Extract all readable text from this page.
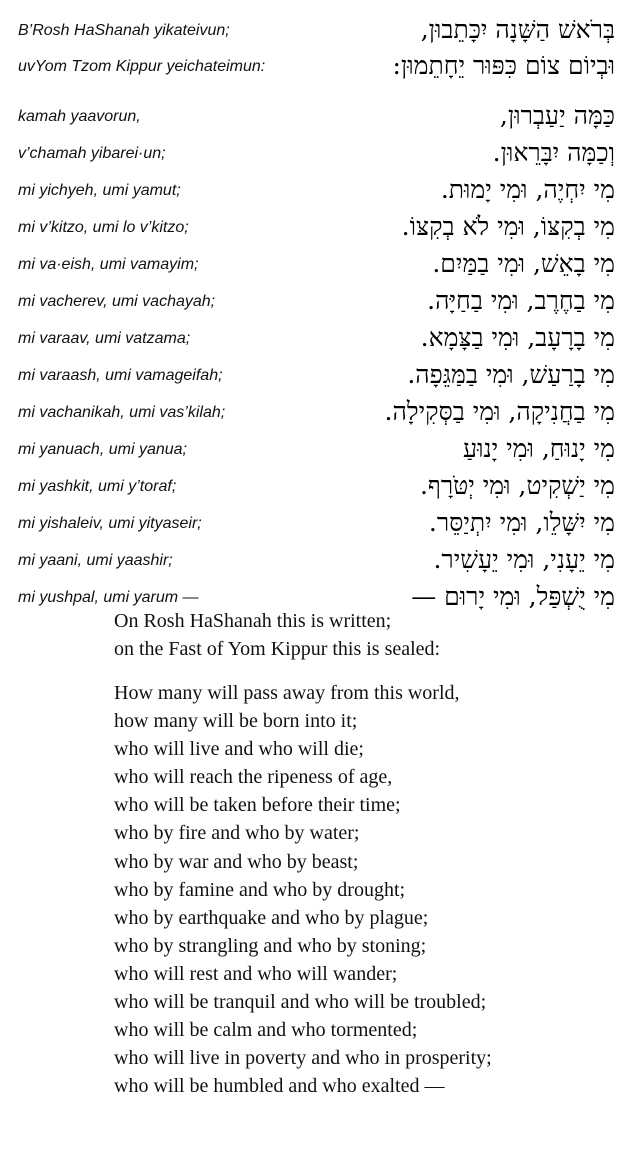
B’Rosh HaShanah yikateivun;	בְּרֹאשׁ הַשָּׁנָה יִכָּתֵבוּן,
uvYom Tzom Kippur yeichateimun:	וּבְיוֹם צוֹם כִּפּוּר יֵחָתֵמוּן:
kamah yaavorun,	כַּמָּה יַעַבְרוּן,
v’chamah yibarei·un;	וְכַמָּה יִבָּרֵאוּן.
mi yichyeh, umi yamut;	מִי יִחְיֶה, וּמִי יָמוּת.
mi v’kitzo, umi lo v’kitzo;	מִי בְקִצּוֹ, וּמִי לֹא בְקִצּוֹ.
mi va·eish, umi vamayim;	מִי בָאֵשׁ, וּמִי בַמַּיִם.
mi vacherev, umi vachayah;	מִי בַחֶרֶב, וּמִי בַחַיָּה.
mi varaav, umi vatzama;	מִי בָרָעָב, וּמִי בַצָּמָא.
mi varaash, umi vamageifah;	מִי בָרַעַשׁ, וּמִי בַמַּגֵּפָה.
mi vachanikah, umi vas’kilah;	מִי בַחֲנִיקָה, וּמִי בַסְּקִילָה.
mi yanuach, umi yanua;	מִי יָנוּחַ, וּמִי יָנוּעַ
mi yashkit, umi y’toraf;	מִי יַשְׁקִיט, וּמִי יְטֹּרָף.
mi yishaleiv, umi yityaseir;	מִי יִשָּׁלֵו, וּמִי יִתְיַסֵּר.
mi yaani, umi yaashir;	מִי יֵעָנִי, וּמִי יֵעָשִׁיר.
mi yushpal, umi yarum —	מִי יֻשְׁפַּל, וּמִי יָרוּם —
On Rosh HaShanah this is written;
on the Fast of Yom Kippur this is sealed:
How many will pass away from this world,
how many will be born into it;
who will live and who will die;
who will reach the ripeness of age,
who will be taken before their time;
who by fire and who by water;
who by war and who by beast;
who by famine and who by drought;
who by earthquake and who by plague;
who by strangling and who by stoning;
who will rest and who will wander;
who will be tranquil and who will be troubled;
who will be calm and who tormented;
who will live in poverty and who in prosperity;
who will be humbled and who exalted —
